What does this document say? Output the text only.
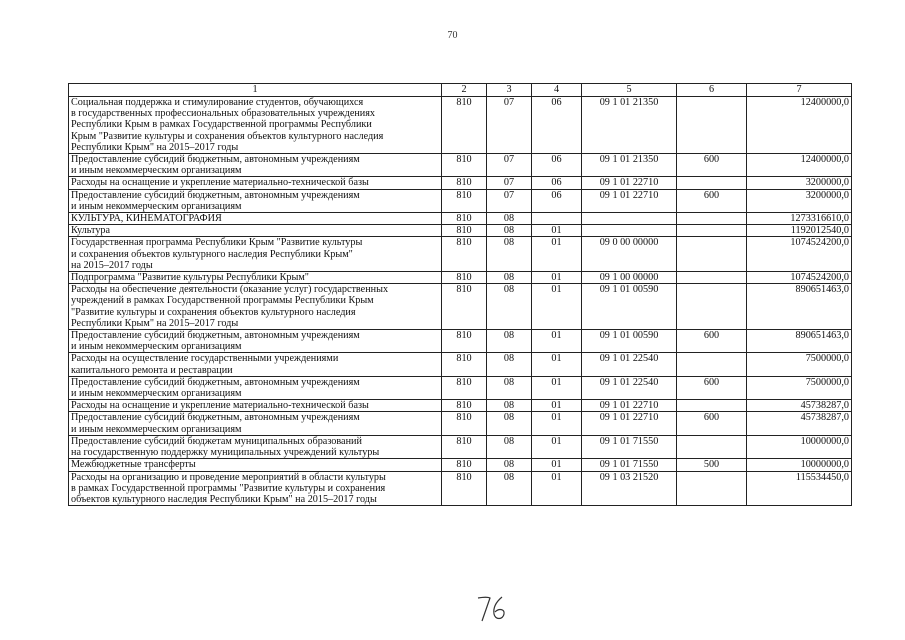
70
1	2	3	4	5	6	7
Социальная поддержка и стимулирование студентов, обучающихся
в государственных профессиональных образовательных учреждениях
Республики Крым в рамках Государственной программы Республики
Крым "Развитие культуры и сохранения объектов культурного наследия
Республики Крым" на 2015–2017 годы	810	07	06	09 1 01 21350		12400000,0
Предоставление субсидий бюджетным, автономным учреждениям
и иным некоммерческим организациям	810	07	06	09 1 01 21350	600	12400000,0
Расходы на оснащение и укрепление материально-технической базы	810	07	06	09 1 01 22710		3200000,0
Предоставление субсидий бюджетным, автономным учреждениям
и иным некоммерческим организациям	810	07	06	09 1 01 22710	600	3200000,0
КУЛЬТУРА, КИНЕМАТОГРАФИЯ	810	08				1273316610,0
Культура	810	08	01			1192012540,0
Государственная программа Республики Крым "Развитие культуры
и сохранения объектов культурного наследия Республики Крым"
на 2015–2017 годы	810	08	01	09 0 00 00000		1074524200,0
Подпрограмма "Развитие культуры Республики Крым"	810	08	01	09 1 00 00000		1074524200,0
Расходы на обеспечение деятельности (оказание услуг) государственных
учреждений в рамках Государственной программы Республики Крым
"Развитие культуры и сохранения объектов культурного наследия
Республики Крым" на 2015–2017 годы	810	08	01	09 1 01 00590		890651463,0
Предоставление субсидий бюджетным, автономным учреждениям
и иным некоммерческим организациям	810	08	01	09 1 01 00590	600	890651463,0
Расходы на осуществление государственными учреждениями
капитального ремонта и реставрации	810	08	01	09 1 01 22540		7500000,0
Предоставление субсидий бюджетным, автономным учреждениям
и иным некоммерческим организациям	810	08	01	09 1 01 22540	600	7500000,0
Расходы на оснащение и укрепление материально-технической базы	810	08	01	09 1 01 22710		45738287,0
Предоставление субсидий бюджетным, автономным учреждениям
и иным некоммерческим организациям	810	08	01	09 1 01 22710	600	45738287,0
Предоставление субсидий бюджетам муниципальных образований
на государственную поддержку муниципальных учреждений культуры	810	08	01	09 1 01 71550		10000000,0
Межбюджетные трансферты	810	08	01	09 1 01 71550	500	10000000,0
Расходы на организацию и проведение мероприятий в области культуры
в рамках Государственной программы "Развитие культуры и сохранения
объектов культурного наследия Республики Крым" на 2015–2017 годы	810	08	01	09 1 03 21520		115534450,0
